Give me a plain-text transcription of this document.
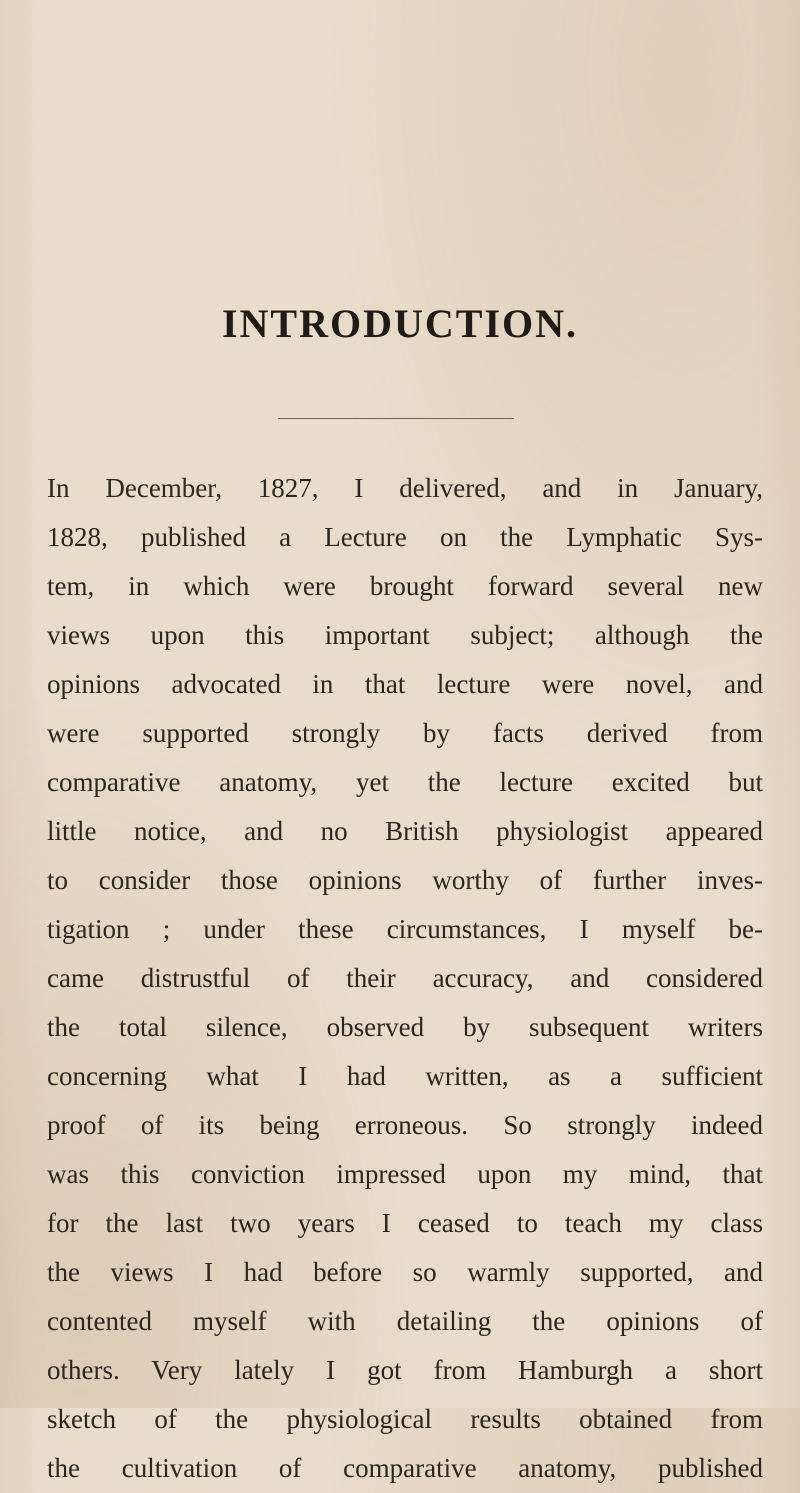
INTRODUCTION.
In December, 1827, I delivered, and in January,
1828, published a Lecture on the Lymphatic Sys-
tem, in which were brought forward several new
views upon this important subject; although the
opinions advocated in that lecture were novel, and
were supported strongly by facts derived from
comparative anatomy, yet the lecture excited but
little notice, and no British physiologist appeared
to consider those opinions worthy of further inves-
tigation ; under these circumstances, I myself be-
came distrustful of their accuracy, and considered
the total silence, observed by subsequent writers
concerning what I had written, as a sufficient
proof of its being erroneous. So strongly indeed
was this conviction impressed upon my mind, that
for the last two years I ceased to teach my class
the views I had before so warmly supported, and
contented myself with detailing the opinions of
others. Very lately I got from Hamburgh a short
sketch of the physiological results obtained from
the cultivation of comparative anatomy, published
